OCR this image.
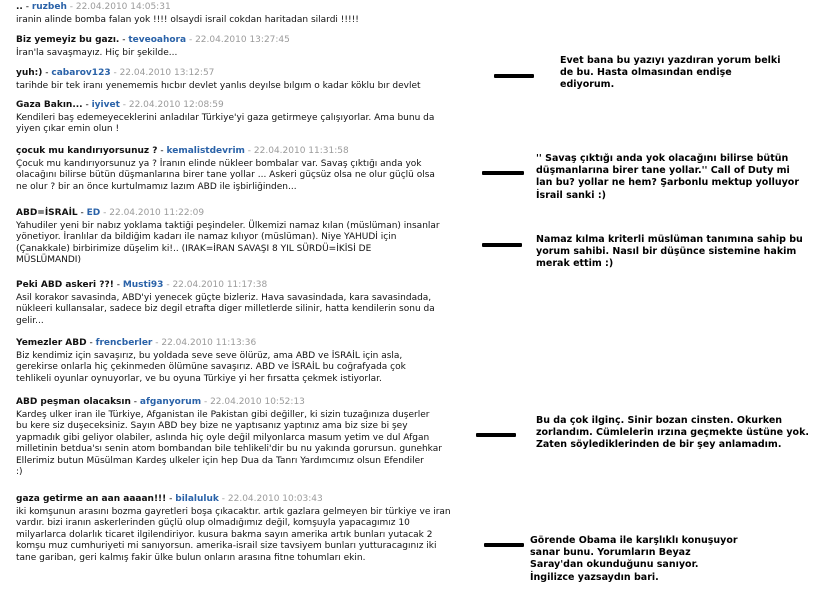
.. - ruzbeh - 22.04.2010 14:05:31
iranin alinde bomba falan yok !!!! olsaydi israil cokdan haritadan silardi !!!!!
Biz yemeyiz bu gazı. - teveoahora - 22.04.2010 13:27:45
İran'la savaşmayız. Hiç bir şekilde...
yuh:) - cabarov123 - 22.04.2010 13:12:57
tarihde bir tek iranı yenememis hıcbır devlet yanlıs deyılse bılgım o kadar köklu bır devlet
Gaza Bakın... - iyivet - 22.04.2010 12:08:59
Kendileri baş edemeyeceklerini anladılar Türkiye'yi gaza getirmeye çalışıyorlar. Ama bunu da
yiyen çıkar emin olun !
çocuk mu kandırıyorsunuz ? - kemalistdevrim - 22.04.2010 11:31:58
Çocuk mu kandırıyorsunuz ya ? İranın elinde nükleer bombalar var. Savaş çıktığı anda yok
olacağını bilirse bütün düşmanlarına birer tane yollar ... Askeri güçsüz olsa ne olur güçlü olsa
ne olur ? bir an önce kurtulmamız lazım ABD ile işbirliğinden...
ABD=İSRAİL - ED - 22.04.2010 11:22:09
Yahudiler yeni bir nabız yoklama taktiği peşindeler. Ülkemizi namaz kılan (müslüman) insanlar
yönetiyor. İranlılar da bildiğim kadarı ile namaz kılıyor (müslüman). Niye YAHUDİ için
(Çanakkale) birbirimize düşelim ki!.. (IRAK=İRAN SAVAŞI 8 YIL SÜRDÜ=İKİSİ DE
MÜSLÜMANDI)
Peki ABD askeri ??! - Musti93 - 22.04.2010 11:17:38
Asil korakor savasinda, ABD'yi yenecek güçte bizleriz. Hava savasindada, kara savasindada,
nükleeri kullansalar, sadece biz degil etrafta diger milletlerde silinir, hatta kendilerin sonu da
gelir...
Yemezler ABD - frencberler - 22.04.2010 11:13:36
Biz kendimiz için savaşırız, bu yoldada seve seve ölürüz, ama ABD ve İSRAİL için asla,
gerekirse onlarla hiç çekinmeden ölümüne savaşırız. ABD ve İSRAİL bu coğrafyada çok
tehlikeli oyunlar oynuyorlar, ve bu oyuna Türkiye yi her fırsatta çekmek istiyorlar.
ABD peşman olacaksın - afganyorum - 22.04.2010 10:52:13
Kardeş ulker iran ile Türkiye, Afganistan ile Pakistan gibi değiller, ki sizin tuzağınıza duşerler
bu kere siz duşeceksiniz. Sayın ABD bey bize ne yaptısanız yaptınız ama biz size bi şey
yapmadık gibi geliyor olabiler, aslında hiç oyle değil milyonlarca masum yetim ve dul Afgan
milletinin betdua'sı senin atom bombandan bile tehlikeli'dir bu nu yakında gorursun. gunehkar
Ellerimiz butun Müsülman Kardeş ulkeler için hep Dua da Tanrı Yardımcımız olsun Efendiler
:)
gaza getirme an aan aaaan!!! - bilaluluk - 22.04.2010 10:03:43
iki komşunun arasını bozma gayretleri boşa çıkacaktır. artık gazlara gelmeyen bir türkiye ve iran
vardır. bizi iranın askerlerinden güçlü olup olmadığımız değil, komşuyla yapacagımız 10
milyarlarca dolarlık ticaret ilgilendiriyor. kusura bakma sayın amerika artık bunları yutacak 2
komşu muz cumhuriyeti mi sanıyorsun. amerika-israil size tavsiyem bunları yutturacagınız iki
tane gariban, geri kalmış fakir ülke bulun onların arasına fitne tohumları ekin.
Evet bana bu yazıyı yazdıran yorum belki
de bu. Hasta olmasından endişe
ediyorum.
'' Savaş çıktığı anda yok olacağını bilirse bütün
düşmanlarına birer tane yollar.'' Call of Duty mi
lan bu? yollar ne hem? Şarbonlu mektup yolluyor
İsrail sanki :)
Namaz kılma kriterli müslüman tanımına sahip bu
yorum sahibi. Nasıl bir düşünce sistemine hakim
merak ettim :)
Bu da çok ilginç. Sinir bozan cinsten. Okurken
zorlandım. Cümlelerin ırzına geçmekte üstüne yok.
Zaten söylediklerinden de bir şey anlamadım.
Görende Obama ile karşlıklı konuşuyor
sanar bunu. Yorumların Beyaz
Saray'dan okunduğunu sanıyor.
İngilizce yazsaydın bari.
